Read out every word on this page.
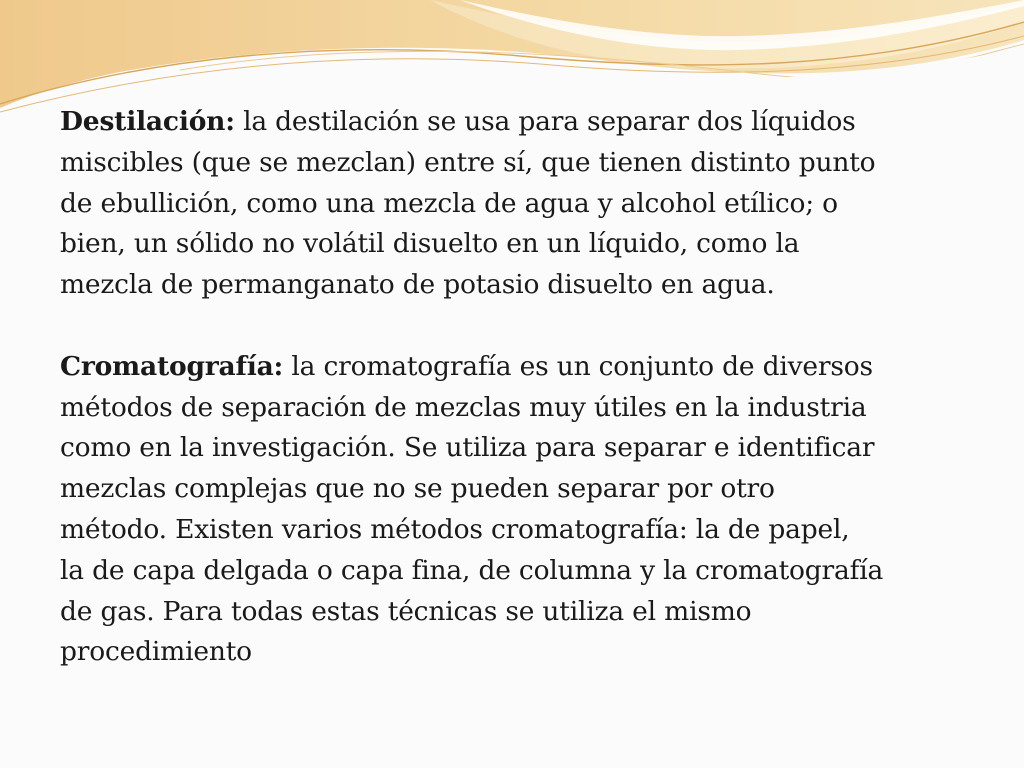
Destilación: la destilación se usa para separar dos líquidos
miscibles (que se mezclan) entre sí, que tienen distinto punto
de ebullición, como una mezcla de agua y alcohol etílico; o
bien, un sólido no volátil disuelto en un líquido, como la
mezcla de permanganato de potasio disuelto en agua.

Cromatografía: la cromatografía es un conjunto de diversos
métodos de separación de mezclas muy útiles en la industria
como en la investigación. Se utiliza para separar e identificar
mezclas complejas que no se pueden separar por otro
método. Existen varios métodos cromatografía: la de papel,
la de capa delgada o capa fina, de columna y la cromatografía
de gas. Para todas estas técnicas se utiliza el mismo
procedimiento
